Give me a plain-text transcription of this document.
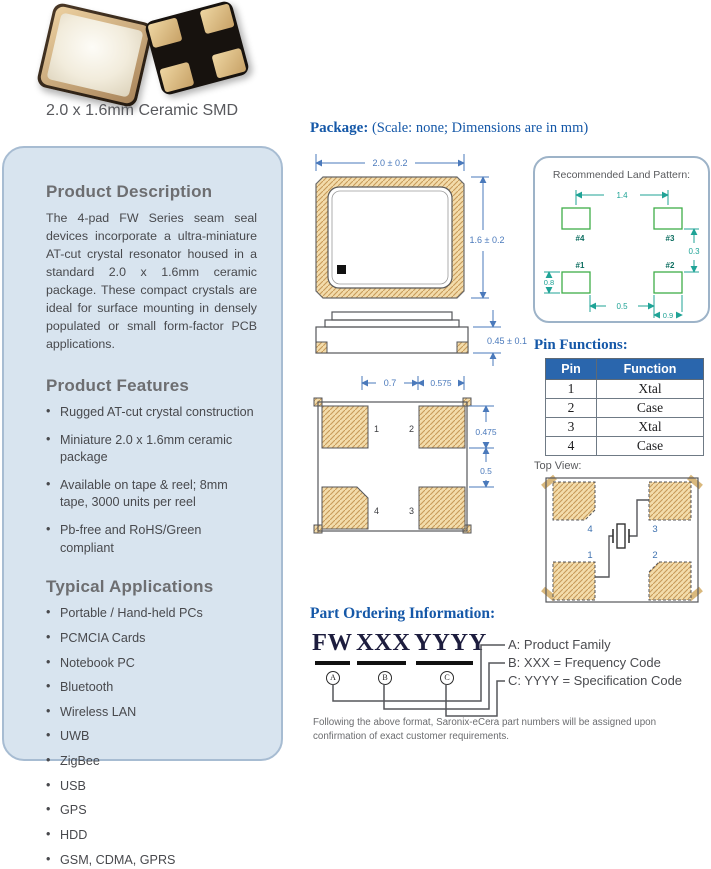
2.0 x 1.6mm Ceramic SMD
Product Description

The 4-pad FW Series seam seal devices incorporate a ultra-miniature AT-cut crystal resonator housed in a standard 2.0 x 1.6mm ceramic package. These compact crystals are ideal for surface mounting in densely populated or small form-factor PCB applications.

Product Features
• Rugged AT-cut crystal construction
• Miniature 2.0 x 1.6mm ceramic package
• Available on tape & reel; 8mm tape, 3000 units per reel
• Pb-free and RoHS/Green compliant
Typical Applications
• Portable / Hand-held PCs
• PCMCIA Cards
• Notebook PC
• Bluetooth
• Wireless LAN
• UWB
• ZigBee
• USB
• GPS
• HDD
• GSM, CDMA, GPRS
Package: (Scale: none; Dimensions are in mm)
2.0 ± 0.2
1.6 ± 0.2
0.45 ± 0.1
0.7	0.575
1	2
3
4
0.475
0.5
Recommended Land Pattern:
#4	#3
#1	#2
1.4
0.3
0.8
0.5
0.9
Pin Functions:
Pin	Function
1	Xtal
2	Case
3	Xtal
4	Case
Top View:
4	3
1	2
Part Ordering Information:
FW XXX YYYY
A	B	C
A: Product Family
B: XXX = Frequency Code
C: YYYY = Specification Code
Following the above format, Saronix-eCera part numbers will be assigned upon
confirmation of exact customer requirements.
